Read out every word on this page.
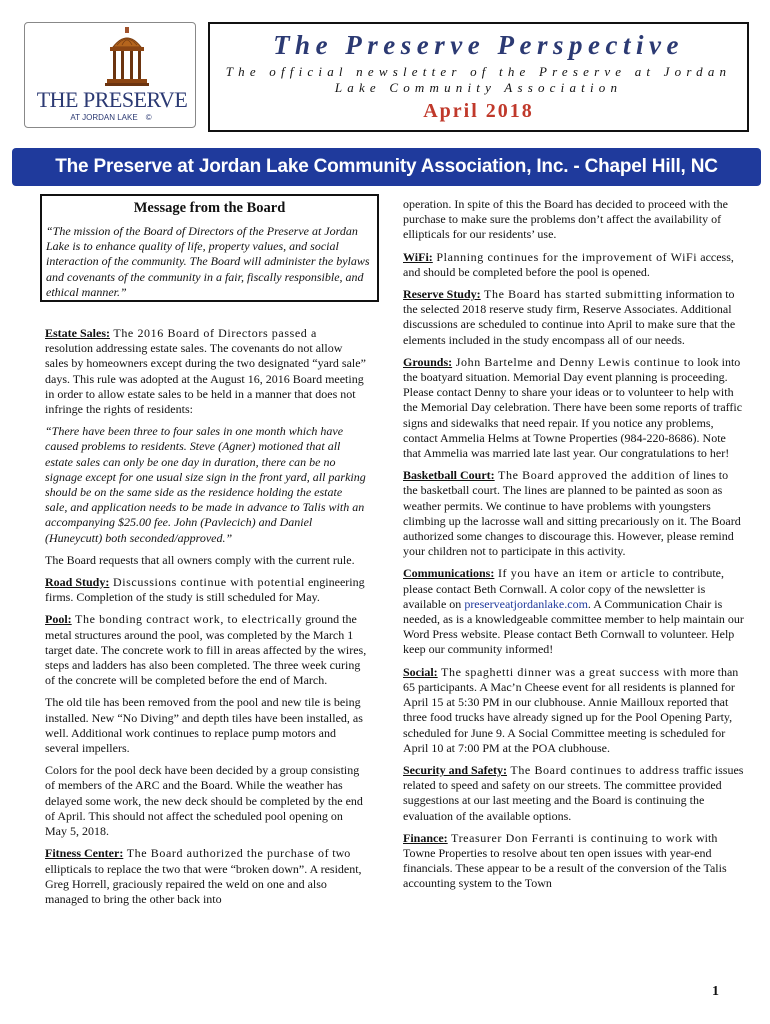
THE PRESERVE
AT JORDAN LAKE ©
The Preserve Perspective
The official newsletter of the Preserve at Jordan
Lake Community Association
April 2018
The Preserve at Jordan Lake Community Association, Inc. - Chapel Hill, NC
Message from the Board
“The mission of the Board of Directors of the Preserve at Jordan Lake is to enhance quality of life, property values, and social interaction of the community. The Board will administer the bylaws and covenants of the community in a fair, fiscally responsible, and ethical manner.”

Estate Sales: The 2016 Board of Directors passed a resolution addressing estate sales. The covenants do not allow sales by homeowners except during the two designated “yard sale” days. This rule was adopted at the August 16, 2016 Board meeting in order to allow estate sales to be held in a manner that does not infringe the rights of residents:

“There have been three to four sales in one month which have caused problems to residents. Steve (Agner) motioned that all estate sales can only be one day in duration, there can be no signage except for one usual size sign in the front yard, all parking should be on the same side as the residence holding the estate sale, and application needs to be made in advance to Talis with an accompanying $25.00 fee. John (Pavlecich) and Daniel (Huneycutt) both seconded/approved.”

The Board requests that all owners comply with the current rule.

Road Study: Discussions continue with potential engineering firms. Completion of the study is still scheduled for May.

Pool: The bonding contract work, to electrically ground the metal structures around the pool, was completed by the March 1 target date. The concrete work to fill in areas affected by the wires, steps and ladders has also been completed. The three week curing of the concrete will be completed before the end of March.

The old tile has been removed from the pool and new tile is being installed. New “No Diving” and depth tiles have been installed, as well. Additional work continues to replace pump motors and several impellers.

Colors for the pool deck have been decided by a group consisting of members of the ARC and the Board. While the weather has delayed some work, the new deck should be completed by the end of April. This should not affect the scheduled pool opening on May 5, 2018.

Fitness Center: The Board authorized the purchase of two ellipticals to replace the two that were “broken down”. A resident, Greg Horrell, graciously repaired the weld on one and also managed to bring the other back into

operation. In spite of this the Board has decided to proceed with the purchase to make sure the problems don’t affect the availability of ellipticals for our residents’ use.

WiFi: Planning continues for the improvement of WiFi access, and should be completed before the pool is opened.

Reserve Study: The Board has started submitting information to the selected 2018 reserve study firm, Reserve Associates. Additional discussions are scheduled to continue into April to make sure that the elements included in the study encompass all of our needs.

Grounds: John Bartelme and Denny Lewis continue to look into the boatyard situation. Memorial Day event planning is proceeding. Please contact Denny to share your ideas or to volunteer to help with the Memorial Day celebration. There have been some reports of traffic signs and sidewalks that need repair. If you notice any problems, contact Ammelia Helms at Towne Properties (984-220-8686). Note that Ammelia was married late last year. Our congratulations to her!

Basketball Court: The Board approved the addition of lines to the basketball court. The lines are planned to be painted as soon as weather permits. We continue to have problems with youngsters climbing up the lacrosse wall and sitting precariously on it. The Board authorized some changes to discourage this. However, please remind your children not to participate in this activity.

Communications: If you have an item or article to contribute, please contact Beth Cornwall. A color copy of the newsletter is available on preserveatjordanlake.com. A Communication Chair is needed, as is a knowledgeable committee member to help maintain our Word Press website. Please contact Beth Cornwall to volunteer. Help keep our community informed!

Social: The spaghetti dinner was a great success with more than 65 participants. A Mac’n Cheese event for all residents is planned for April 15 at 5:30 PM in our clubhouse. Annie Mailloux reported that three food trucks have already signed up for the Pool Opening Party, scheduled for June 9. A Social Committee meeting is scheduled for April 10 at 7:00 PM at the POA clubhouse.

Security and Safety: The Board continues to address traffic issues related to speed and safety on our streets. The committee provided suggestions at our last meeting and the Board is continuing the evaluation of the available options.

Finance: Treasurer Don Ferranti is continuing to work with Towne Properties to resolve about ten open issues with year-end financials. These appear to be a result of the conversion of the Talis accounting system to the Town

1
